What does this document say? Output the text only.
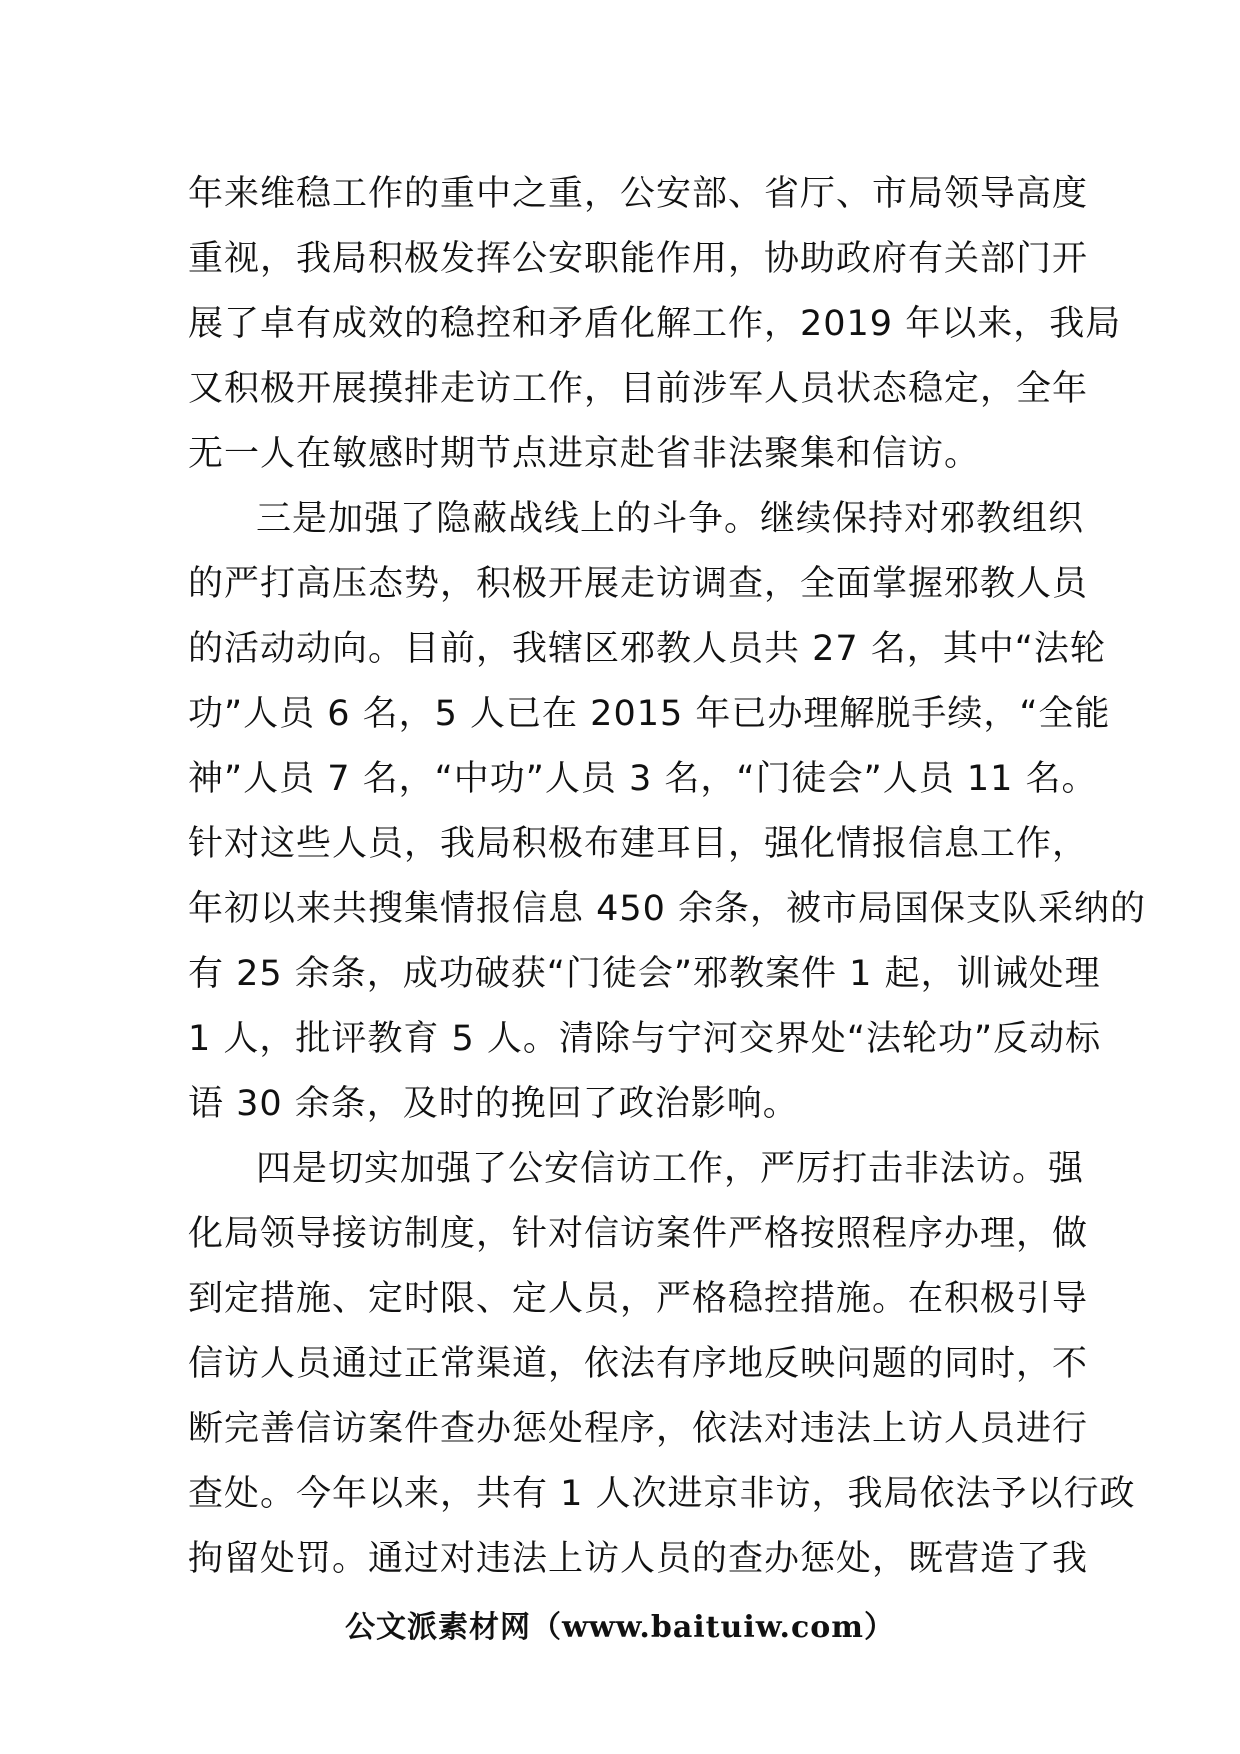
年来维稳工作的重中之重，公安部、省厅、市局领导高度
重视，我局积极发挥公安职能作用，协助政府有关部门开
展了卓有成效的稳控和矛盾化解工作，2019 年以来，我局
又积极开展摸排走访工作，目前涉军人员状态稳定，全年
无一人在敏感时期节点进京赴省非法聚集和信访。
三是加强了隐蔽战线上的斗争。继续保持对邪教组织
的严打高压态势，积极开展走访调查，全面掌握邪教人员
的活动动向。目前，我辖区邪教人员共 27 名，其中“法轮
功”人员 6 名，5 人已在 2015 年已办理解脱手续，“全能
神”人员 7 名，“中功”人员 3 名，“门徒会”人员 11 名。
针对这些人员，我局积极布建耳目，强化情报信息工作，
年初以来共搜集情报信息 450 余条，被市局国保支队采纳的
有 25 余条，成功破获“门徒会”邪教案件 1 起，训诫处理
1 人，批评教育 5 人。清除与宁河交界处“法轮功”反动标
语 30 余条，及时的挽回了政治影响。
四是切实加强了公安信访工作，严厉打击非法访。强
化局领导接访制度，针对信访案件严格按照程序办理，做
到定措施、定时限、定人员，严格稳控措施。在积极引导
信访人员通过正常渠道，依法有序地反映问题的同时，不
断完善信访案件查办惩处程序，依法对违法上访人员进行
查处。今年以来，共有 1 人次进京非访，我局依法予以行政
拘留处罚。通过对违法上访人员的查办惩处，既营造了我
公文派素材网（www.baituiw.com）
